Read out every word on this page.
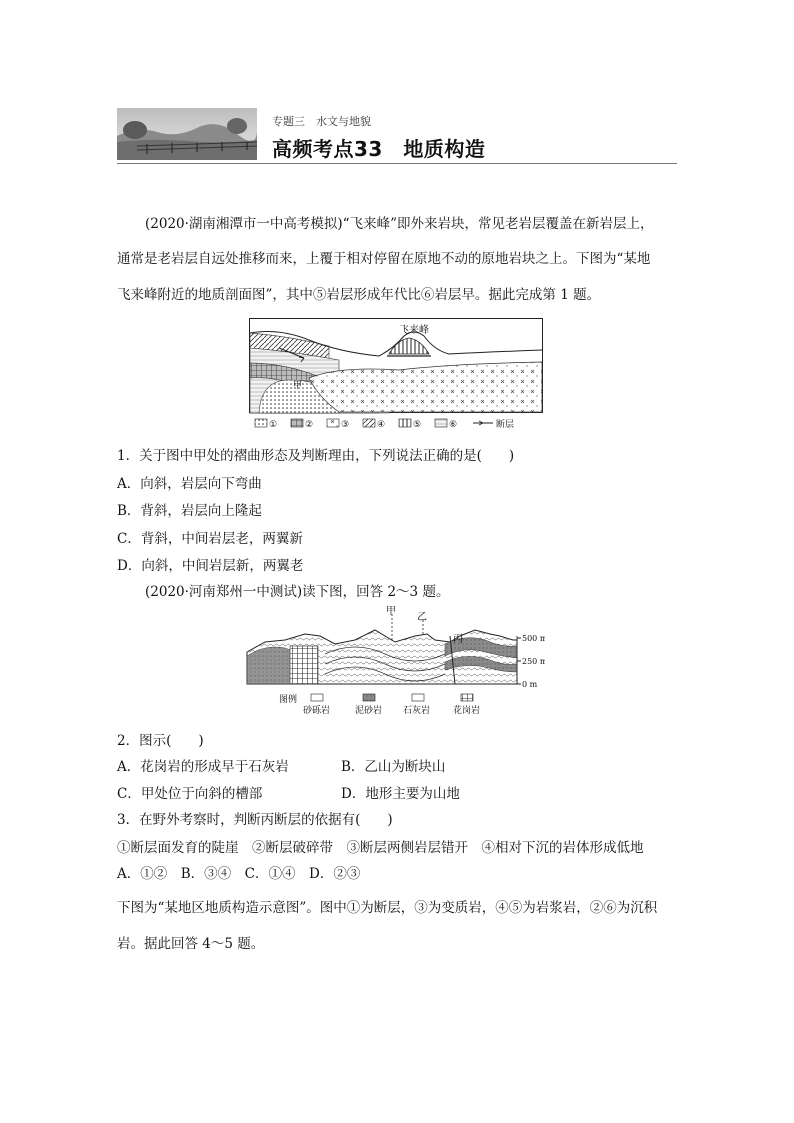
专题三　水文与地貌
高频考点33　地质构造
(2020·湖南湘潭市一中高考模拟)“飞来峰”即外来岩块，常见老岩层覆盖在新岩层上，
通常是老岩层自远处推移而来，上覆于相对停留在原地不动的原地岩块之上。下图为“某地
飞来峰附近的地质剖面图”，其中⑤岩层形成年代比⑥岩层早。据此完成第 1 题。
飞来峰
甲
①	②	③	④	⑤	⑥	断层
1．关于图中甲处的褶曲形态及判断理由，下列说法正确的是(　　)
A．向斜，岩层向下弯曲
B．背斜，岩层向上隆起
C．背斜，中间岩层老，两翼新
D．向斜，中间岩层新，两翼老
(2020·河南郑州一中测试)读下图，回答 2～3 题。
甲
乙
丙	500 m
250 m
0 m
图例
砂砾岩	泥砂岩 石灰岩	花岗岩
2．图示(　　)
A．花岗岩的形成早于石灰岩	B．乙山为断块山
C．甲处位于向斜的槽部	D．地形主要为山地
3．在野外考察时，判断丙断层的依据有(　　)
①断层面发育的陡崖　②断层破碎带　③断层两侧岩层错开　④相对下沉的岩体形成低地
A．①②　B．③④　C．①④　D．②③
下图为“某地区地质构造示意图”。图中①为断层，③为变质岩，④⑤为岩浆岩，②⑥为沉积
岩。据此回答 4～5 题。
